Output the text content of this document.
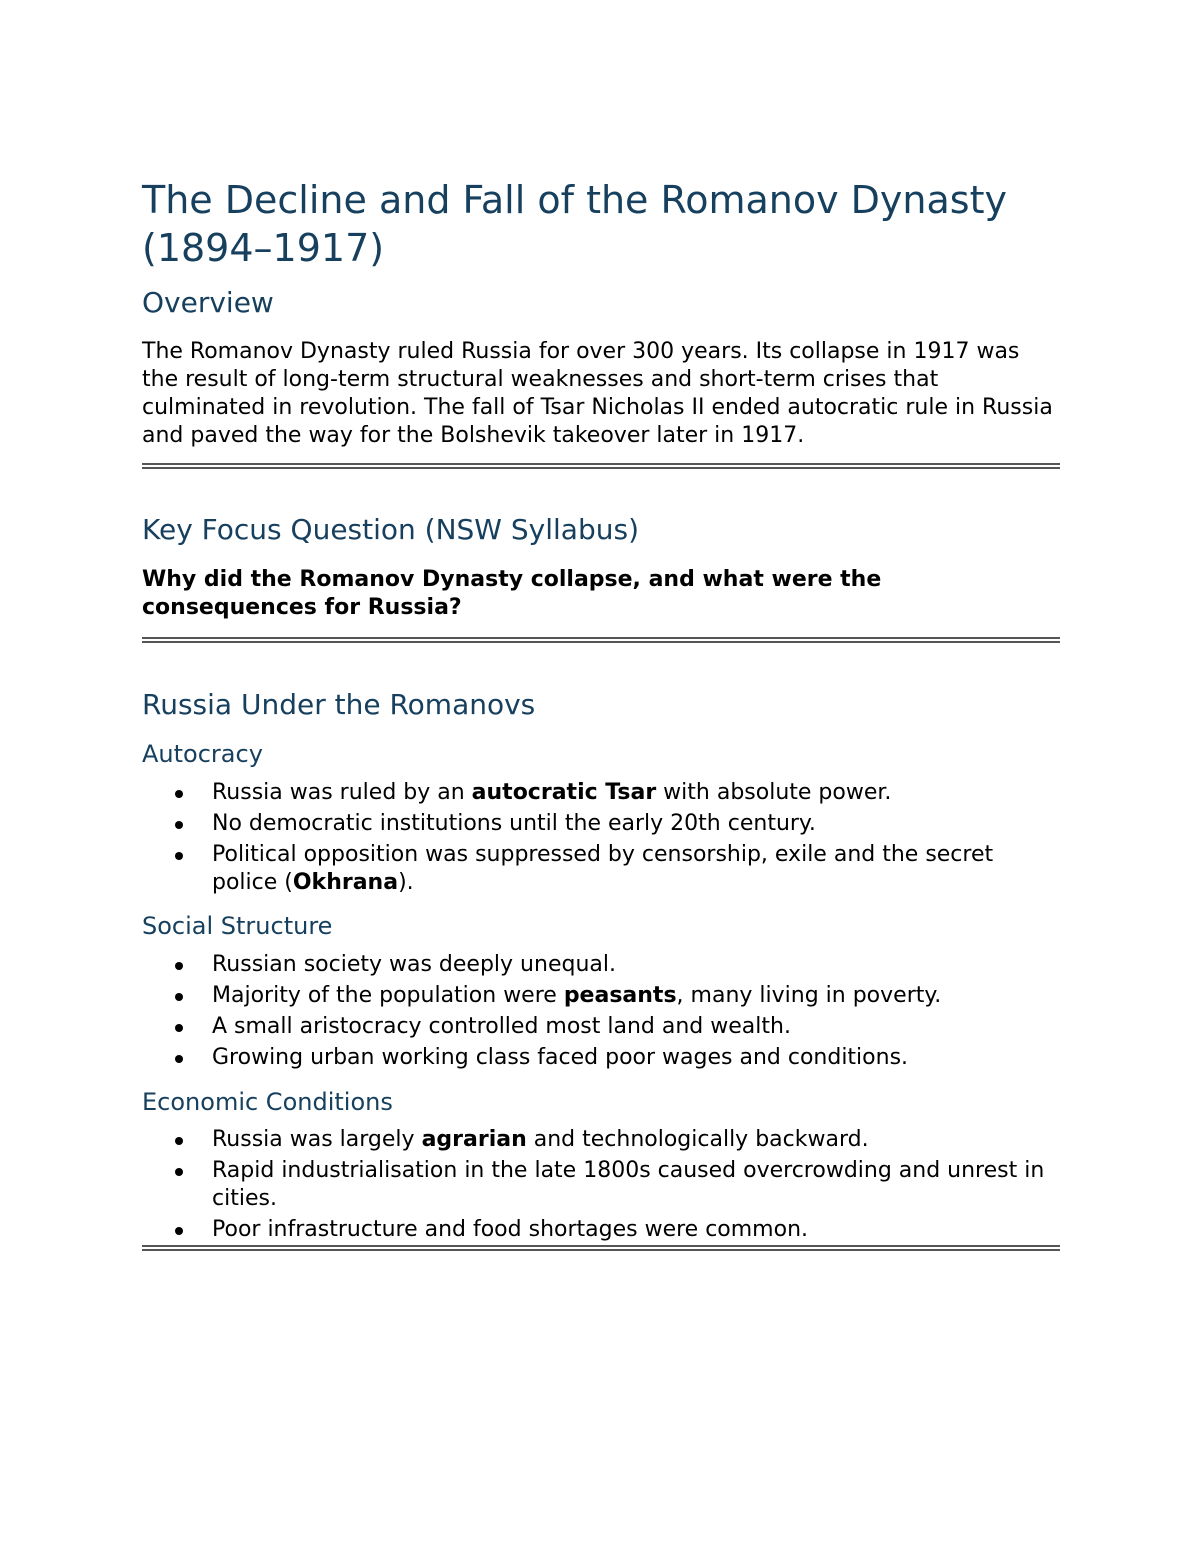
The Decline and Fall of the Romanov Dynasty (1894–1917)
Overview

The Romanov Dynasty ruled Russia for over 300 years. Its collapse in 1917 was the result of long-term structural weaknesses and short-term crises that culminated in revolution. The fall of Tsar Nicholas II ended autocratic rule in Russia and paved the way for the Bolshevik takeover later in 1917.

Key Focus Question (NSW Syllabus)

Why did the Romanov Dynasty collapse, and what were the consequences for Russia?

Russia Under the Romanovs
Autocracy
Russia was ruled by an autocratic Tsar with absolute power.
No democratic institutions until the early 20th century.
Political opposition was suppressed by censorship, exile and the secret police (Okhrana).
Social Structure
Russian society was deeply unequal.
Majority of the population were peasants, many living in poverty.
A small aristocracy controlled most land and wealth.
Growing urban working class faced poor wages and conditions.
Economic Conditions
Russia was largely agrarian and technologically backward.
Rapid industrialisation in the late 1800s caused overcrowding and unrest in cities.
Poor infrastructure and food shortages were common.
